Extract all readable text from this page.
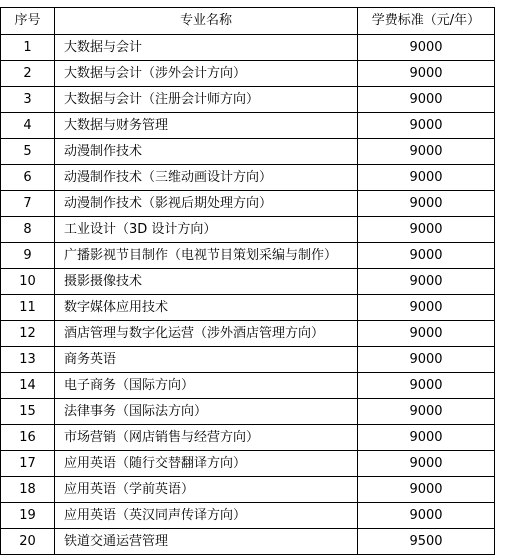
序号	专业名称	学费标准（元/年）
1	大数据与会计	9000
2	大数据与会计（涉外会计方向）	9000
3	大数据与会计（注册会计师方向）	9000
4	大数据与财务管理	9000
5	动漫制作技术	9000
6	动漫制作技术（三维动画设计方向）	9000
7	动漫制作技术（影视后期处理方向）	9000
8	工业设计（3D 设计方向）	9000
9	广播影视节目制作（电视节目策划采编与制作）	9000
10	摄影摄像技术	9000
11	数字媒体应用技术	9000
12	酒店管理与数字化运营（涉外酒店管理方向）	9000
13	商务英语	9000
14	电子商务（国际方向）	9000
15	法律事务（国际法方向）	9000
16	市场营销（网店销售与经营方向）	9000
17	应用英语（随行交替翻译方向）	9000
18	应用英语（学前英语）	9000
19	应用英语（英汉同声传译方向）	9000
20	铁道交通运营管理	9500
